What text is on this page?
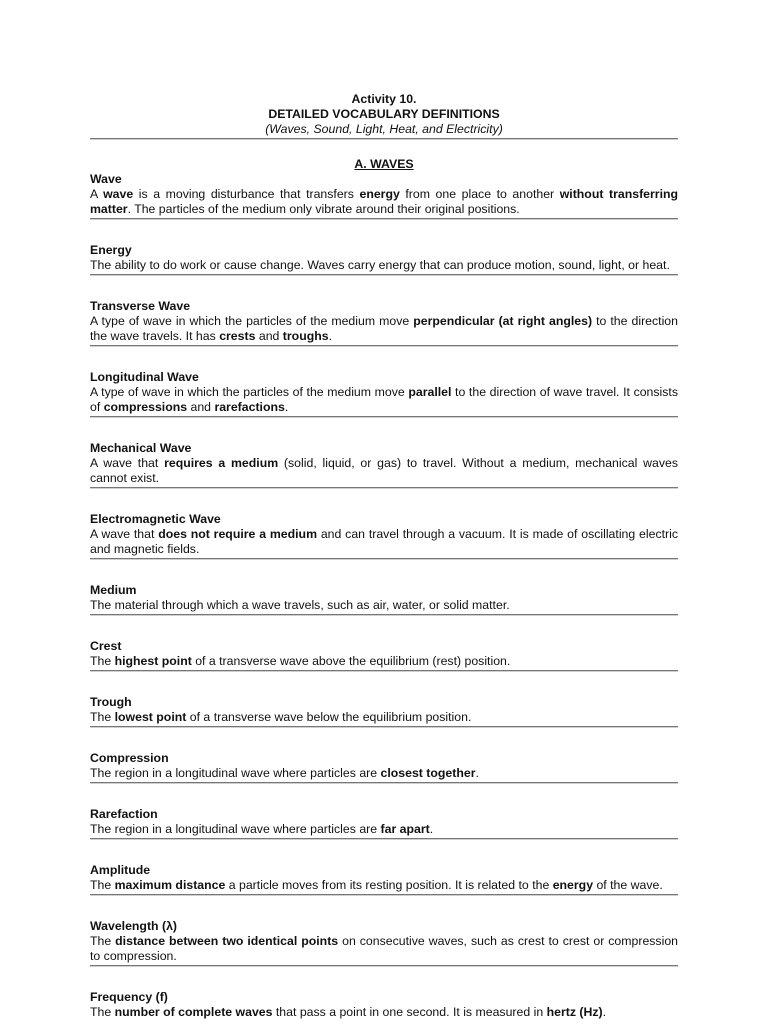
Activity 10.
DETAILED VOCABULARY DEFINITIONS
(Waves, Sound, Light, Heat, and Electricity)
A. WAVES
Wave
A wave is a moving disturbance that transfers energy from one place to another without transferring matter. The particles of the medium only vibrate around their original positions.
Energy
The ability to do work or cause change. Waves carry energy that can produce motion, sound, light, or heat.
Transverse Wave
A type of wave in which the particles of the medium move perpendicular (at right angles) to the direction the wave travels. It has crests and troughs.
Longitudinal Wave
A type of wave in which the particles of the medium move parallel to the direction of wave travel. It consists of compressions and rarefactions.
Mechanical Wave
A wave that requires a medium (solid, liquid, or gas) to travel. Without a medium, mechanical waves cannot exist.
Electromagnetic Wave
A wave that does not require a medium and can travel through a vacuum. It is made of oscillating electric and magnetic fields.
Medium
The material through which a wave travels, such as air, water, or solid matter.
Crest
The highest point of a transverse wave above the equilibrium (rest) position.
Trough
The lowest point of a transverse wave below the equilibrium position.
Compression
The region in a longitudinal wave where particles are closest together.
Rarefaction
The region in a longitudinal wave where particles are far apart.
Amplitude
The maximum distance a particle moves from its resting position. It is related to the energy of the wave.
Wavelength (λ)
The distance between two identical points on consecutive waves, such as crest to crest or compression to compression.
Frequency (f)
The number of complete waves that pass a point in one second. It is measured in hertz (Hz).
